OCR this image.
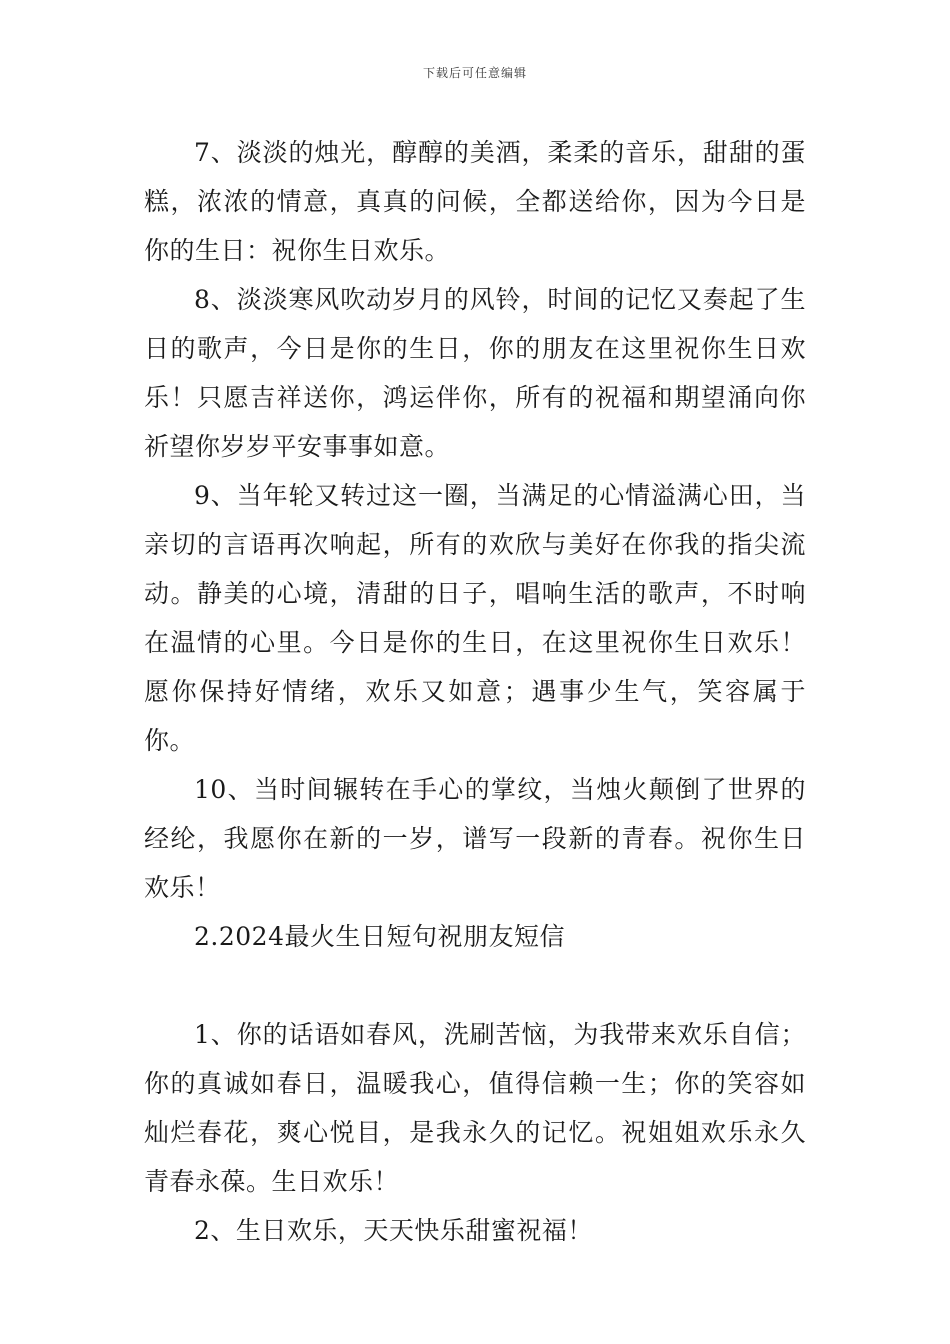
下载后可任意编辑

7、淡淡的烛光，醇醇的美酒，柔柔的音乐，甜甜的蛋糕，浓浓的情意，真真的问候，全都送给你，因为今日是你的生日：祝你生日欢乐。

8、淡淡寒风吹动岁月的风铃，时间的记忆又奏起了生日的歌声，今日是你的生日，你的朋友在这里祝你生日欢乐！只愿吉祥送你，鸿运伴你，所有的祝福和期望涌向你祈望你岁岁平安事事如意。

9、当年轮又转过这一圈，当满足的心情溢满心田，当亲切的言语再次响起，所有的欢欣与美好在你我的指尖流动。静美的心境，清甜的日子，唱响生活的歌声，不时响在温情的心里。今日是你的生日，在这里祝你生日欢乐！愿你保持好情绪，欢乐又如意；遇事少生气，笑容属于你。

10、当时间辗转在手心的掌纹，当烛火颠倒了世界的经纶，我愿你在新的一岁，谱写一段新的青春。祝你生日欢乐！

2.2024最火生日短句祝朋友短信

1、你的话语如春风，洗刷苦恼，为我带来欢乐自信；你的真诚如春日，温暖我心，值得信赖一生；你的笑容如灿烂春花，爽心悦目，是我永久的记忆。祝姐姐欢乐永久青春永葆。生日欢乐！

2、生日欢乐，天天快乐甜蜜祝福！
